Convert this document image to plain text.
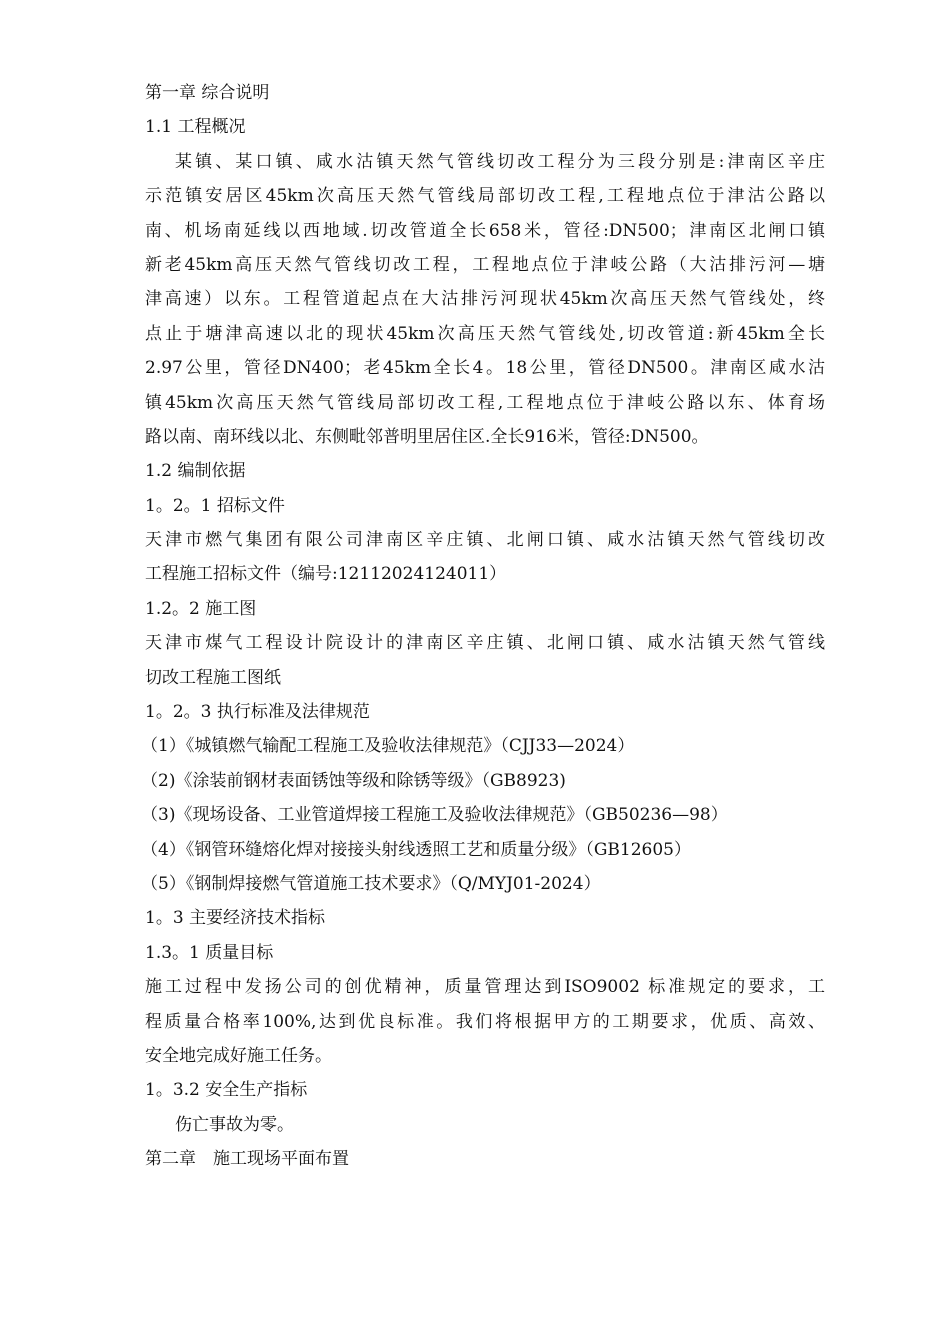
第一章 综合说明
1.1 工程概况
某镇、某口镇、咸水沽镇天然气管线切改工程分为三段分别是:津南区辛庄
示范镇安居区45km次高压天然气管线局部切改工程,工程地点位于津沽公路以
南、机场南延线以西地域.切改管道全长658米，管径:DN500；津南区北闸口镇
新老45km高压天然气管线切改工程，工程地点位于津岐公路（大沽排污河—塘
津高速）以东。工程管道起点在大沽排污河现状45km次高压天然气管线处，终
点止于塘津高速以北的现状45km次高压天然气管线处,切改管道:新45km全长
2.97公里，管径DN400；老45km全长4。18公里，管径DN500。津南区咸水沽
镇45km次高压天然气管线局部切改工程,工程地点位于津岐公路以东、体育场
路以南、南环线以北、东侧毗邻普明里居住区.全长916米，管径:DN500。
1.2 编制依据
1。2。1 招标文件
天津市燃气集团有限公司津南区辛庄镇、北闸口镇、咸水沽镇天然气管线切改
工程施工招标文件（编号:12112024124011）
1.2。2 施工图
天津市煤气工程设计院设计的津南区辛庄镇、北闸口镇、咸水沽镇天然气管线
切改工程施工图纸
1。2。3 执行标准及法律规范
（1）《城镇燃气输配工程施工及验收法律规范》（CJJ33—2024）
（2)《涂装前钢材表面锈蚀等级和除锈等级》（GB8923)
（3)《现场设备、工业管道焊接工程施工及验收法律规范》（GB50236—98）
（4）《钢管环缝熔化焊对接接头射线透照工艺和质量分级》（GB12605）
（5）《钢制焊接燃气管道施工技术要求》（Q/MYJ01-2024）
1。3 主要经济技术指标
1.3。1 质量目标
施工过程中发扬公司的创优精神，质量管理达到ISO9002 标准规定的要求，工
程质量合格率100%,达到优良标准。我们将根据甲方的工期要求，优质、高效、
安全地完成好施工任务。
1。3.2 安全生产指标
伤亡事故为零。
第二章　施工现场平面布置
